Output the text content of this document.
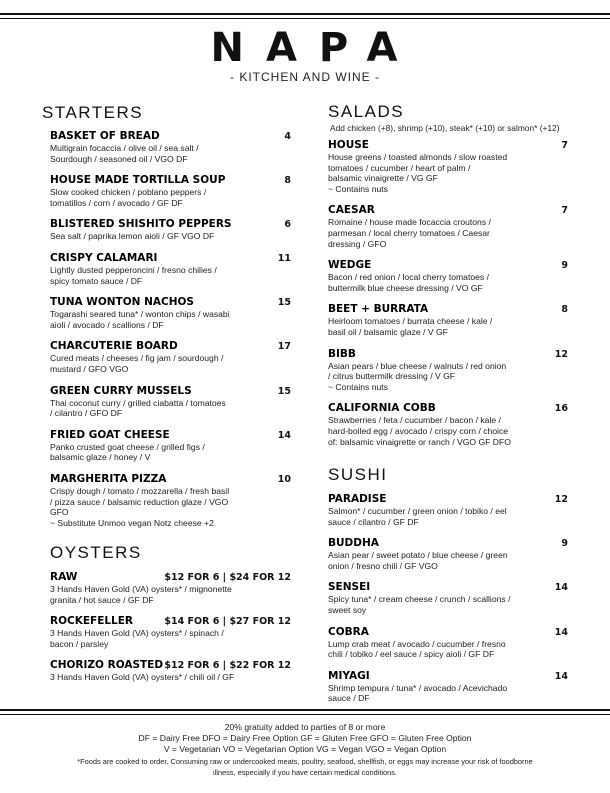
NAPA
- KITCHEN AND WINE -
STARTERS
BASKET OF BREAD	4
Multigrain focaccia / olive oil / sea salt /
Sourdough / seasoned oil / VGO DF
HOUSE MADE TORTILLA SOUP	8
Slow cooked chicken / poblano peppers /
tomatillos / corn / avocado / GF DF
BLISTERED SHISHITO PEPPERS	6
Sea salt / paprika lemon aioli / GF VGO DF
CRISPY CALAMARI	11
Lightly dusted pepperoncini / fresno chilies /
spicy tomato sauce / DF
TUNA WONTON NACHOS	15
Togarashi seared tuna* / wonton chips / wasabi
aioli / avocado / scallions / DF
CHARCUTERIE BOARD	17
Cured meats / cheeses / fig jam / sourdough /
mustard / GFO VGO
GREEN CURRY MUSSELS	15
Thai coconut curry / grilled ciabatta / tomatoes
/ cilantro / GFO DF
FRIED GOAT CHEESE	14
Panko crusted goat cheese / grilled figs /
balsamic glaze / honey / V
MARGHERITA PIZZA	10
Crispy dough / tomato / mozzarella / fresh basil
/ pizza sauce / balsamic reduction glaze / VGO
GFO
~ Substitute Unmoo vegan Notz cheese +2
OYSTERS
RAW	$12 FOR 6 | $24 FOR 12
3 Hands Haven Gold (VA) oysters* / mignonette
granita / hot sauce / GF DF
ROCKEFELLER	$14 FOR 6 | $27 FOR 12
3 Hands Haven Gold (VA) oysters* / spinach /
bacon / parsley
CHORIZO ROASTED $12 FOR 6 | $22 FOR 12
3 Hands Haven Gold (VA) oysters* / chili oil / GF
SALADS
Add chicken (+8), shrimp (+10), steak* (+10) or salmon* (+12)
HOUSE	7
House greens / toasted almonds / slow roasted
tomatoes / cucumber / heart of palm /
balsamic vinaigrette / VG GF
~ Contains nuts
CAESAR	7
Romaine / house made focaccia croutons /
parmesan / local cherry tomatoes / Caesar
dressing / GFO
WEDGE	9
Bacon / red onion / local cherry tomatoes /
buttermilk blue cheese dressing / VO GF
BEET + BURRATA	8
Heirloom tomatoes / burrata cheese / kale /
basil oil / balsamic glaze / V GF
BIBB	12
Asian pears / blue cheese / walnuts / red onion
/ citrus buttermilk dressing / V GF
~ Contains nuts
CALIFORNIA COBB	16
Strawberries / feta / cucumber / bacon / kale /
hard-boiled egg / avocado / crispy corn / choice
of: balsamic vinaigrette or ranch / VGO GF DFO
SUSHI
PARADISE	12
Salmon* / cucumber / green onion / tobiko / eel
sauce / cilantro / GF DF
BUDDHA	9
Asian pear / sweet potato / blue cheese / green
onion / fresno chili / GF VGO
SENSEI	14
Spicy tuna* / cream cheese / crunch / scallions /
sweet soy
COBRA	14
Lump crab meat / avocado / cucumber / fresno
chili / tobiko / eel sauce / spicy aioli / GF DF
MIYAGI	14
Shrimp tempura / tuna* / avocado / Acevichado
sauce / DF
20% gratuity added to parties of 8 or more
DF = Dairy Free DFO = Dairy Free Option GF = Gluten Free GFO = Gluten Free Option
V = Vegetarian VO = Vegetarian Option VG = Vegan VGO = Vegan Option
*Foods are cooked to order. Consuming raw or undercooked meats, poultry, seafood, shellfish, or eggs may increase your risk of foodborne
illness, especially if you have certain medical conditions.
